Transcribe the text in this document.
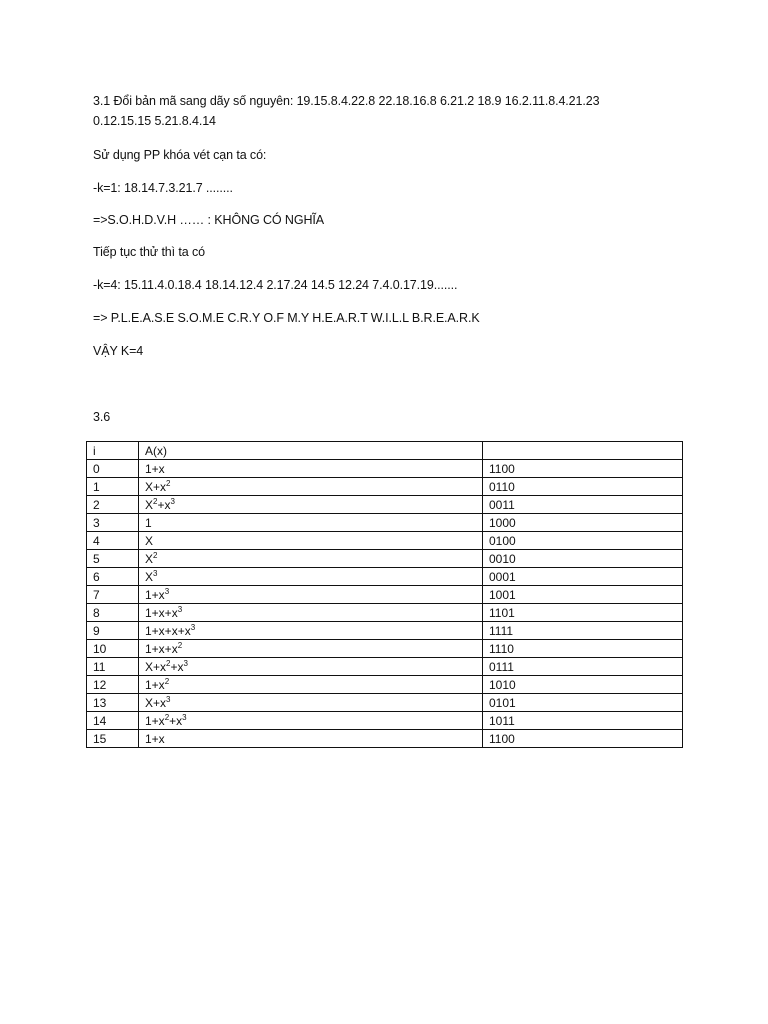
3.1 Đổi bản mã sang dãy số nguyên: 19.15.8.4.22.8 22.18.16.8 6.21.2 18.9 16.2.11.8.4.21.23
0.12.15.15 5.21.8.4.14
Sử dụng PP khóa vét cạn ta có:
-k=1: 18.14.7.3.21.7 ........
=>S.O.H.D.V.H …… : KHÔNG CÓ NGHĨA
Tiếp tục thử thì ta có
-k=4: 15.11.4.0.18.4 18.14.12.4 2.17.24 14.5 12.24 7.4.0.17.19.......
=> P.L.E.A.S.E S.O.M.E C.R.Y O.F M.Y H.E.A.R.T W.I.L.L B.R.E.A.R.K
VẬY K=4
3.6
i	A(x)	
0	1+x	1100
1	$X+x^2$	0110
2	$X^2+x^3$	0011
3	1	1000
4	X	0100
5	$X^2$	0010
6	$X^3$	0001
7	$1+x^3$	1001
8	$1+x+x^3$	1101
9	$1+x+x+x^3$	1111
10	$1+x+x^2$	1110
11	$X+x^2+x^3$	0111
12	$1+x^2$	1010
13	$X+x^3$	0101
14	$1+x^2+x^3$	1011
15	1+x	1100
